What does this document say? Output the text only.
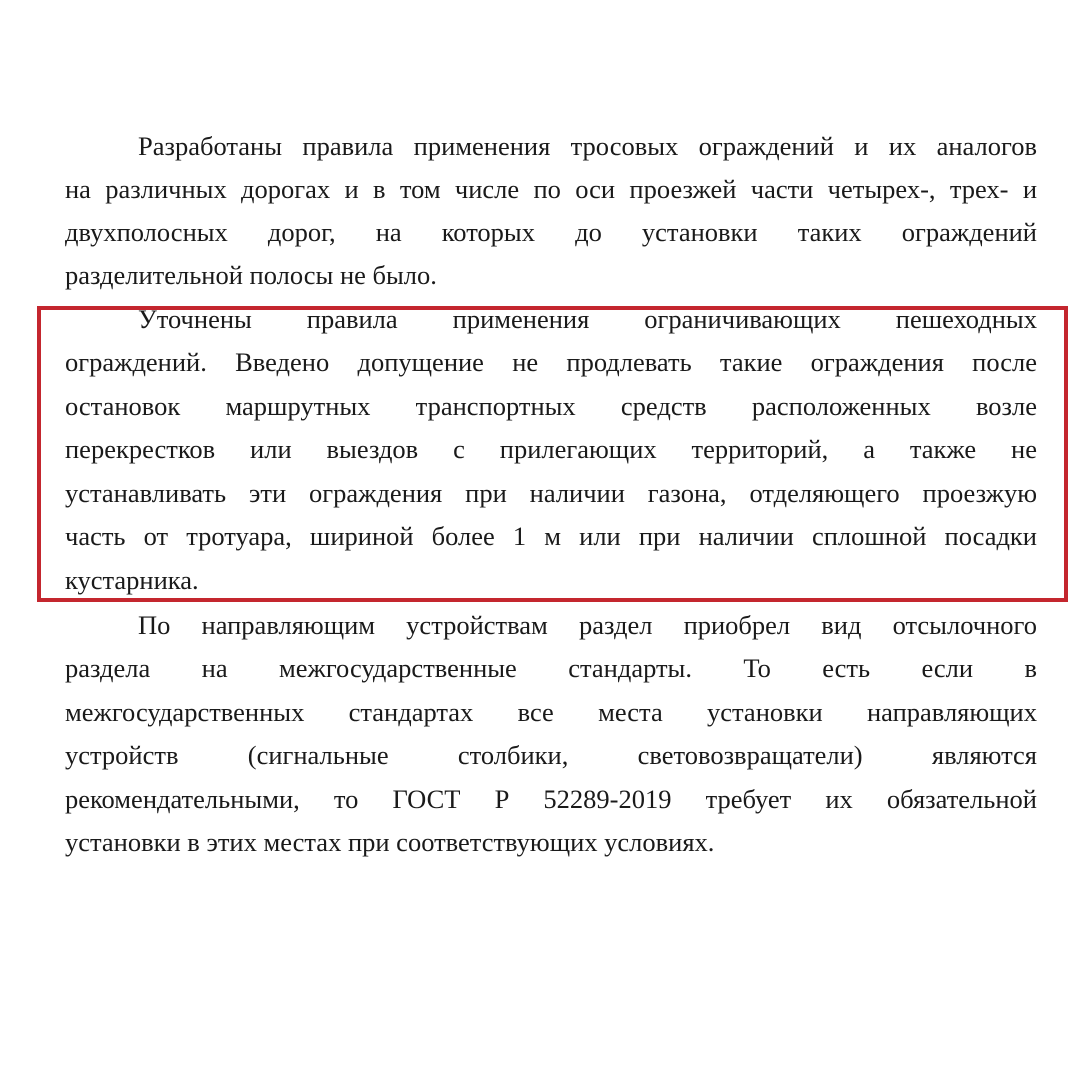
Разработаны правила применения тросовых ограждений и их аналогов
на различных дорогах и в том числе по оси проезжей части четырех-, трех- и
двухполосных дорог, на которых до установки таких ограждений
разделительной полосы не было.
Уточнены правила применения ограничивающих пешеходных
ограждений. Введено допущение не продлевать такие ограждения после
остановок маршрутных транспортных средств расположенных возле
перекрестков или выездов с прилегающих территорий, а также не
устанавливать эти ограждения при наличии газона, отделяющего проезжую
часть от тротуара, шириной более 1 м или при наличии сплошной посадки
кустарника.
По направляющим устройствам раздел приобрел вид отсылочного
раздела на межгосударственные стандарты. То есть если в
межгосударственных стандартах все места установки направляющих
устройств (сигнальные столбики, световозвращатели) являются
рекомендательными, то ГОСТ Р 52289-2019 требует их обязательной
установки в этих местах при соответствующих условиях.
